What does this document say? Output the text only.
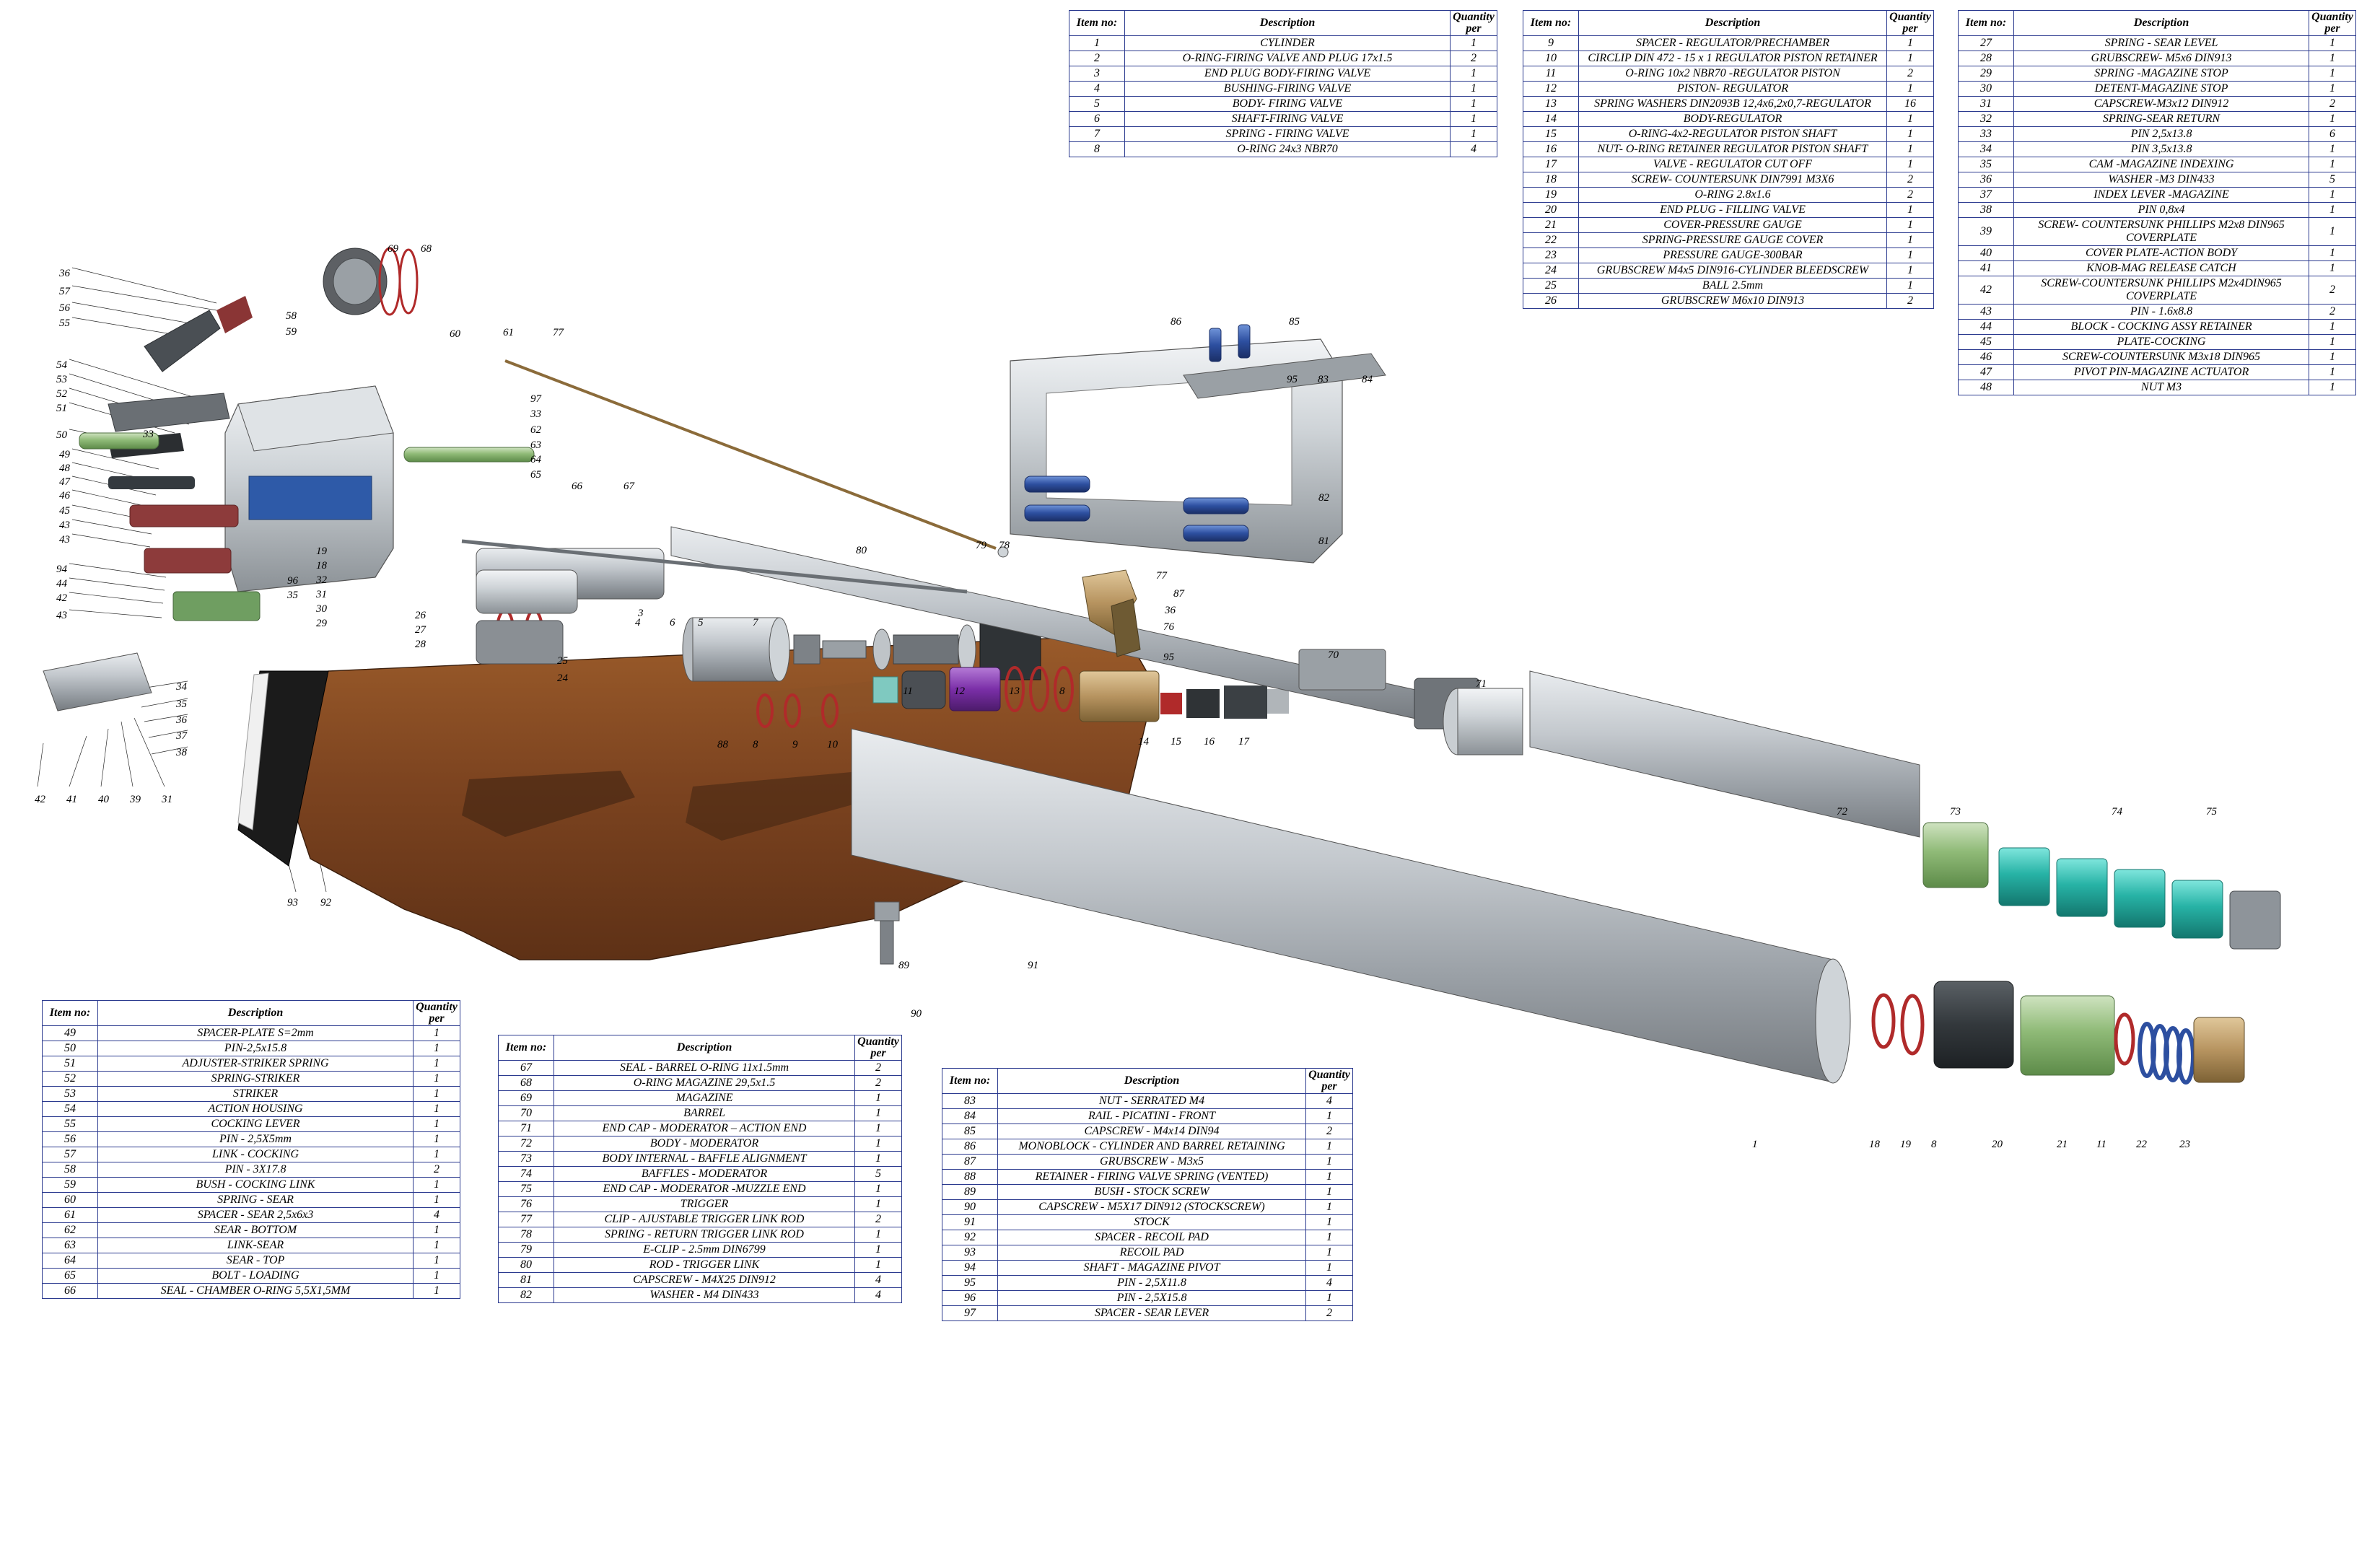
Item no:	Description	Quantity per
1	CYLINDER	1
2	O-RING-FIRING VALVE AND PLUG 17x1.5	2
3	END PLUG BODY-FIRING VALVE	1
4	BUSHING-FIRING VALVE	1
5	BODY- FIRING VALVE	1
6	SHAFT-FIRING VALVE	1
7	SPRING - FIRING VALVE	1
8	O-RING 24x3 NBR70	4
Item no:	Description	Quantity per
9	SPACER - REGULATOR/PRECHAMBER	1
10	CIRCLIP DIN 472 - 15 x 1 REGULATOR PISTON RETAINER	1
11	O-RING 10x2 NBR70 -REGULATOR PISTON	2
12	PISTON- REGULATOR	1
13	SPRING WASHERS DIN2093B 12,4x6,2x0,7-REGULATOR	16
14	BODY-REGULATOR	1
15	O-RING-4x2-REGULATOR PISTON SHAFT	1
16	NUT- O-RING RETAINER REGULATOR PISTON SHAFT	1
17	VALVE - REGULATOR CUT OFF	1
18	SCREW- COUNTERSUNK DIN7991 M3X6	2
19	O-RING 2.8x1.6	2
20	END PLUG - FILLING VALVE	1
21	COVER-PRESSURE GAUGE	1
22	SPRING-PRESSURE GAUGE COVER	1
23	PRESSURE GAUGE-300BAR	1
24	GRUBSCREW M4x5 DIN916-CYLINDER BLEEDSCREW	1
25	BALL 2.5mm	1
26	GRUBSCREW M6x10 DIN913	2
Item no:	Description	Quantity per
27	SPRING - SEAR LEVEL	1
28	GRUBSCREW- M5x6 DIN913	1
29	SPRING -MAGAZINE STOP	1
30	DETENT-MAGAZINE STOP	1
31	CAPSCREW-M3x12 DIN912	2
32	SPRING-SEAR RETURN	1
33	PIN 2,5x13.8	6
34	PIN 3,5x13.8	1
35	CAM -MAGAZINE INDEXING	1
36	WASHER -M3 DIN433	5
37	INDEX LEVER -MAGAZINE	1
38	PIN 0,8x4	1
39	SCREW- COUNTERSUNK PHILLIPS M2x8 DIN965 COVERPLATE	1
40	COVER PLATE-ACTION BODY	1
41	KNOB-MAG RELEASE CATCH	1
42	SCREW-COUNTERSUNK PHILLIPS M2x4DIN965 COVERPLATE	2
43	PIN - 1.6x8.8	2
44	BLOCK - COCKING ASSY RETAINER	1
45	PLATE-COCKING	1
46	SCREW-COUNTERSUNK M3x18 DIN965	1
47	PIVOT PIN-MAGAZINE ACTUATOR	1
48	NUT M3	1
Item no:	Description	Quantity per
49	SPACER-PLATE S=2mm	1
50	PIN-2,5x15.8	1
51	ADJUSTER-STRIKER SPRING	1
52	SPRING-STRIKER	1
53	STRIKER	1
54	ACTION HOUSING	1
55	COCKING LEVER	1
56	PIN - 2,5X5mm	1
57	LINK - COCKING	1
58	PIN - 3X17.8	2
59	BUSH - COCKING LINK	1
60	SPRING - SEAR	1
61	SPACER - SEAR 2,5x6x3	4
62	SEAR - BOTTOM	1
63	LINK-SEAR	1
64	SEAR - TOP	1
65	BOLT - LOADING	1
66	SEAL - CHAMBER O-RING 5,5X1,5MM	1
Item no:	Description	Quantity per
67	SEAL - BARREL O-RING 11x1.5mm	2
68	O-RING MAGAZINE 29,5x1.5	2
69	MAGAZINE	1
70	BARREL	1
71	END CAP - MODERATOR – ACTION END	1
72	BODY - MODERATOR	1
73	BODY INTERNAL - BAFFLE ALIGNMENT	1
74	BAFFLES - MODERATOR	5
75	END CAP - MODERATOR -MUZZLE END	1
76	TRIGGER	1
77	CLIP - AJUSTABLE TRIGGER LINK ROD	2
78	SPRING - RETURN TRIGGER LINK ROD	1
79	E-CLIP - 2.5mm DIN6799	1
80	ROD - TRIGGER LINK	1
81	CAPSCREW - M4X25 DIN912	4
82	WASHER - M4 DIN433	4
Item no:	Description	Quantity per
83	NUT - SERRATED M4	4
84	RAIL - PICATINI - FRONT	1
85	CAPSCREW - M4x14 DIN94	2
86	MONOBLOCK - CYLINDER AND BARREL RETAINING	1
87	GRUBSCREW - M3x5	1
88	RETAINER - FIRING VALVE SPRING (VENTED)	1
89	BUSH - STOCK SCREW	1
90	CAPSCREW - M5X17 DIN912 (STOCKSCREW)	1
91	STOCK	1
92	SPACER - RECOIL PAD	1
93	RECOIL PAD	1
94	SHAFT - MAGAZINE PIVOT	1
95	PIN - 2,5X11.8	4
96	PIN - 2,5X15.8	1
97	SPACER - SEAR LEVER	2
36
57
56
55
54
53
52
51
50
49
48
47
46
45
43
43
94
44
42
43
33
58
59
69 68
60	61	77
97
33
62
63
64
65
66	67
19
18
32
31
30
29
96
35
26
27
28
25
24
34
35
36
37
38
42 41 40 39 31
93 92
3
4	6 5	7
88 8	9	10
11	12	13	8
14 15 16 17
70
71
72	73	74	75
1	18 19 8	20	21	11	22	23
80	79 78
86	85
95 83	84
82
81
77
87
36
76
95
89	91
90
